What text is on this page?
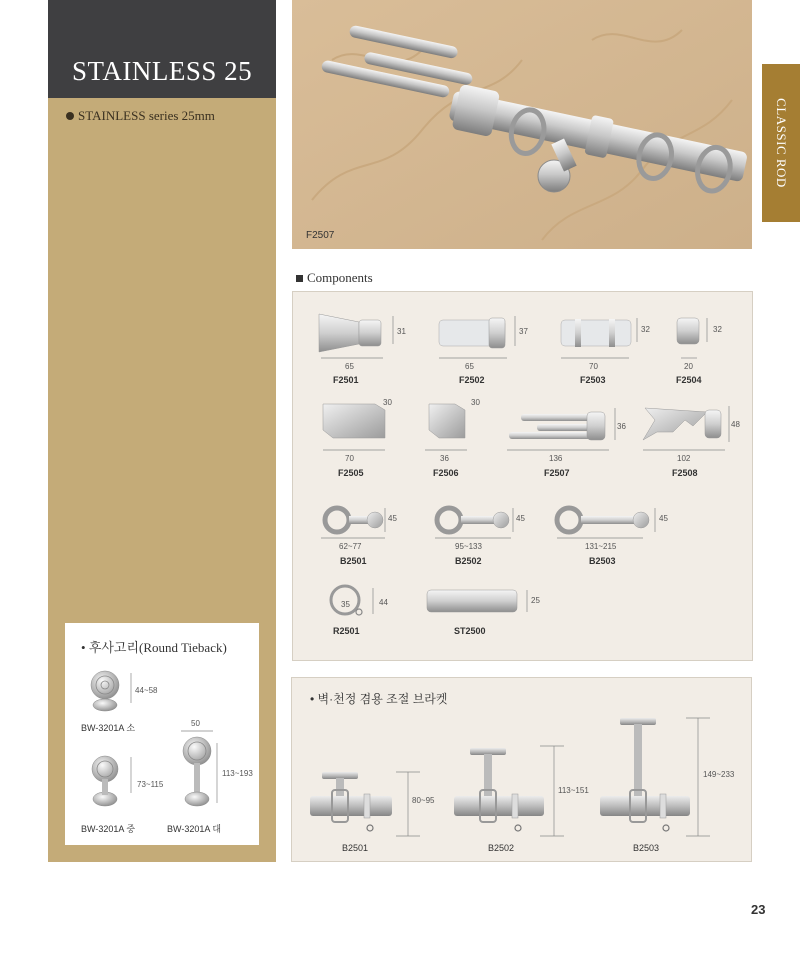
STAINLESS 25
STAINLESS series 25mm
F2507
CLASSIC ROD
Components
31
65
F2501
37
65
F2502
32
70
F2503
32
20
F2504
30
70
F2505
30
36
F2506
36
136
F2507
48
102
F2508
45
62~77
B2501
45
95~133
B2502
45
131~215
B2503
44
35
R2501
25
ST2500
• 후사고리(Round Tieback)
44~58
BW-3201A 소
73~115
BW-3201A 중
50
113~193
BW-3201A 대
• 벽·천정 겸용 조절 브라켓
80~95
B2501
113~151
B2502
149~233
B2503
23
